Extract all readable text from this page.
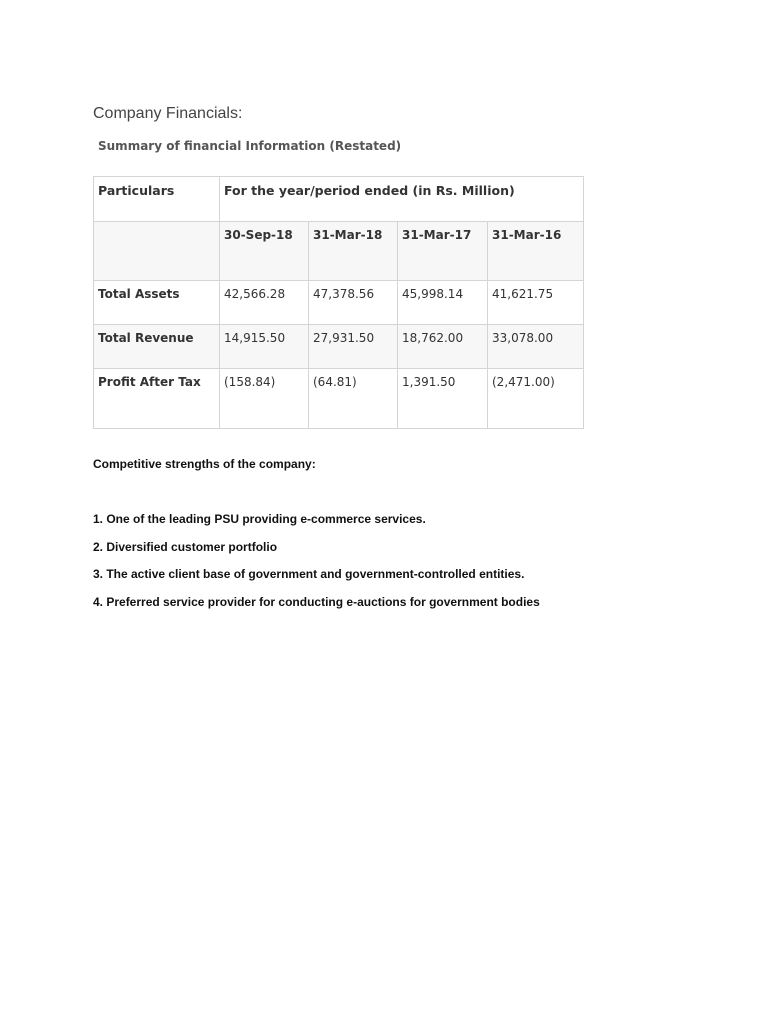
Company Financials:
Summary of financial Information (Restated)
Particulars	For the year/period ended (in Rs. Million)			
	30-Sep-18	31-Mar-18	31-Mar-17	31-Mar-16
Total Assets	42,566.28	47,378.56	45,998.14	41,621.75
Total Revenue	14,915.50	27,931.50	18,762.00	33,078.00
Profit After Tax	(158.84)	(64.81)	1,391.50	(2,471.00)

Competitive strengths of the company:

1. One of the leading PSU providing e-commerce services.
2. Diversified customer portfolio
3. The active client base of government and government-controlled entities.
4. Preferred service provider for conducting e-auctions for government bodies
